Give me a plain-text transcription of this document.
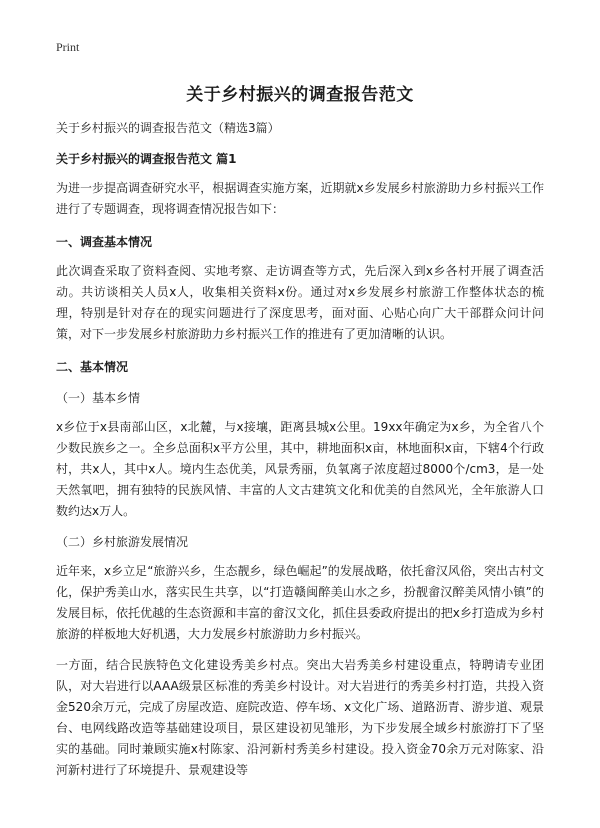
Print
关于乡村振兴的调查报告范文
关于乡村振兴的调查报告范文（精选3篇）
关于乡村振兴的调查报告范文 篇1

为进一步提高调查研究水平，根据调查实施方案，近期就x乡发展乡村旅游助力乡村振兴工作进行了专题调查，现将调查情况报告如下：

一、调查基本情况

此次调查采取了资料查阅、实地考察、走访调查等方式，先后深入到x乡各村开展了调查活动。共访谈相关人员x人，收集相关资料x份。通过对x乡发展乡村旅游工作整体状态的梳理，特别是针对存在的现实问题进行了深度思考，面对面、心贴心向广大干部群众问计问策，对下一步发展乡村旅游助力乡村振兴工作的推进有了更加清晰的认识。

二、基本情况
（一）基本乡情

x乡位于x县南部山区，x北麓，与x接壤，距离县城x公里。19xx年确定为x乡，为全省八个少数民族乡之一。全乡总面积x平方公里，其中，耕地面积x亩，林地面积x亩，下辖4个行政村，共x人，其中x人。境内生态优美，风景秀丽，负氧离子浓度超过8000个/cm3，是一处天然氧吧，拥有独特的民族风情、丰富的人文古建筑文化和优美的自然风光，全年旅游人口数约达x万人。

（二）乡村旅游发展情况

近年来，x乡立足“旅游兴乡，生态靓乡，绿色崛起”的发展战略，依托畲汉风俗，突出古村文化，保护秀美山水，落实民生共享，以“打造赣闽醉美山水之乡，扮靓畲汉醉美风情小镇”的发展目标，依托优越的生态资源和丰富的畲汉文化，抓住县委政府提出的把x乡打造成为乡村旅游的样板地大好机遇，大力发展乡村旅游助力乡村振兴。

一方面，结合民族特色文化建设秀美乡村点。突出大岩秀美乡村建设重点，特聘请专业团队，对大岩进行以AAA级景区标准的秀美乡村设计。对大岩进行的秀美乡村打造，共投入资金520余万元，完成了房屋改造、庭院改造、停车场、x文化广场、道路沥青、游步道、观景台、电网线路改造等基础建设项目，景区建设初见雏形，为下步发展全域乡村旅游打下了坚实的基础。同时兼顾实施x村陈家、沿河新村秀美乡村建设。投入资金70余万元对陈家、沿河新村进行了环境提升、景观建设等
